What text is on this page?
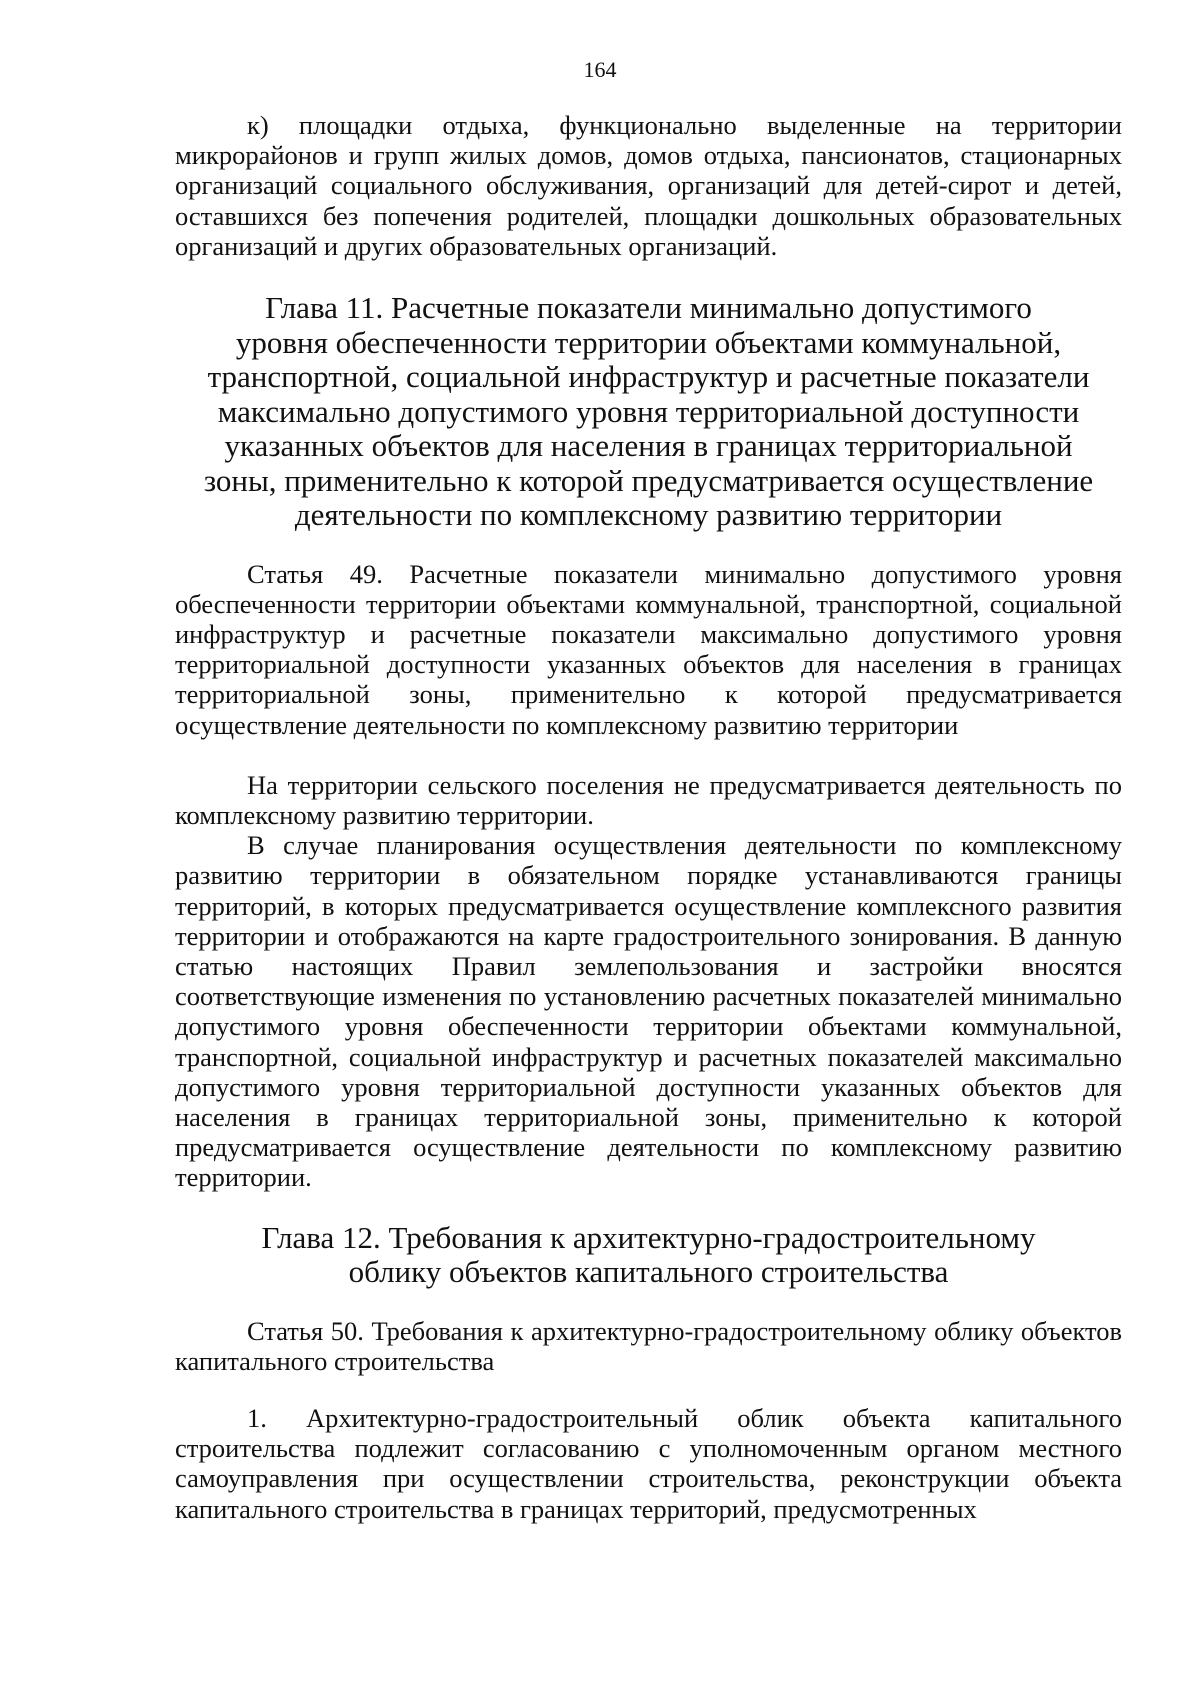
164

к) площадки отдыха, функционально выделенные на территории микрорайонов и групп жилых домов, домов отдыха, пансионатов, стационарных организаций социального обслуживания, организаций для детей-сирот и детей, оставшихся без попечения родителей, площадки дошкольных образовательных организаций и других образовательных организаций.

Глава 11. Расчетные показатели минимально допустимого
уровня обеспеченности территории объектами коммунальной,
транспортной, социальной инфраструктур и расчетные показатели
максимально допустимого уровня территориальной доступности
указанных объектов для населения в границах территориальной
зоны, применительно к которой предусматривается осуществление
деятельности по комплексному развитию территории

Статья 49. Расчетные показатели минимально допустимого уровня обеспеченности территории объектами коммунальной, транспортной, социальной инфраструктур и расчетные показатели максимально допустимого уровня территориальной доступности указанных объектов для населения в границах территориальной зоны, применительно к которой предусматривается осуществление деятельности по комплексному развитию территории

На территории сельского поселения не предусматривается деятельность по комплексному развитию территории.

В случае планирования осуществления деятельности по комплексному развитию территории в обязательном порядке устанавливаются границы территорий, в которых предусматривается осуществление комплексного развития территории и отображаются на карте градостроительного зонирования. В данную статью настоящих Правил землепользования и застройки вносятся соответствующие изменения по установлению расчетных показателей минимально допустимого уровня обеспеченности территории объектами коммунальной, транспортной, социальной инфраструктур и расчетных показателей максимально допустимого уровня территориальной доступности указанных объектов для населения в границах территориальной зоны, применительно к которой предусматривается осуществление деятельности по комплексному развитию территории.

Глава 12. Требования к архитектурно-градостроительному
облику объектов капитального строительства

Статья 50. Требования к архитектурно-градостроительному облику объектов капитального строительства

1. Архитектурно-градостроительный облик объекта капитального строительства подлежит согласованию с уполномоченным органом местного самоуправления при осуществлении строительства, реконструкции объекта капитального строительства в границах территорий, предусмотренных
